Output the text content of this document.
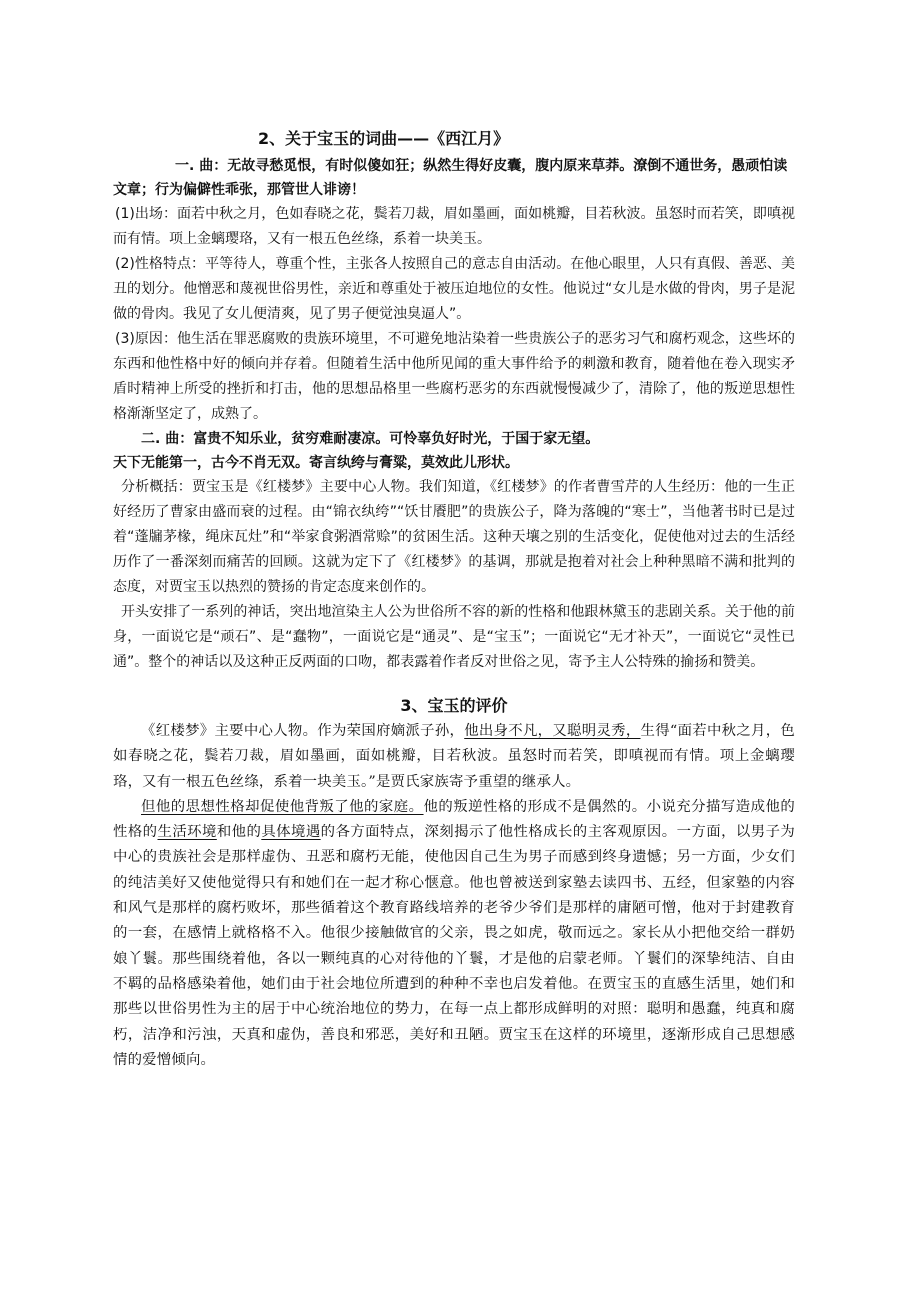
2、关于宝玉的词曲——《西江月》

一. 曲：无故寻愁觅恨，有时似傻如狂；纵然生得好皮囊，腹内原来草莽。潦倒不通世务，愚顽怕读文章；行为偏僻性乖张，那管世人诽谤！

(1)出场：面若中秋之月，色如春晓之花，鬓若刀裁，眉如墨画，面如桃瓣，目若秋波。虽怒时而若笑，即嗔视而有情。项上金螭璎珞，又有一根五色丝绦，系着一块美玉。

(2)性格特点：平等待人，尊重个性，主张各人按照自己的意志自由活动。在他心眼里，人只有真假、善恶、美丑的划分。他憎恶和蔑视世俗男性，亲近和尊重处于被压迫地位的女性。他说过“女儿是水做的骨肉，男子是泥做的骨肉。我见了女儿便清爽，见了男子便觉浊臭逼人”。

(3)原因：他生活在罪恶腐败的贵族环境里，不可避免地沾染着一些贵族公子的恶劣习气和腐朽观念，这些坏的东西和他性格中好的倾向并存着。但随着生活中他所见闻的重大事件给予的刺激和教育，随着他在卷入现实矛盾时精神上所受的挫折和打击，他的思想品格里一些腐朽恶劣的东西就慢慢减少了，清除了，他的叛逆思想性格渐渐坚定了，成熟了。

二. 曲：富贵不知乐业，贫穷难耐凄凉。可怜辜负好时光，于国于家无望。

天下无能第一，古今不肖无双。寄言纨绔与膏粱，莫效此儿形状。

分析概括：贾宝玉是《红楼梦》主要中心人物。我们知道，《红楼梦》的作者曹雪芹的人生经历：他的一生正好经历了曹家由盛而衰的过程。由“锦衣纨绔”“饫甘餍肥”的贵族公子，降为落魄的“寒士”，当他著书时已是过着“蓬牖茅椽，绳床瓦灶”和“举家食粥酒常赊”的贫困生活。这种天壤之别的生活变化，促使他对过去的生活经历作了一番深刻而痛苦的回顾。这就为定下了《红楼梦》的基调，那就是抱着对社会上种种黑暗不满和批判的态度，对贾宝玉以热烈的赞扬的肯定态度来创作的。

开头安排了一系列的神话，突出地渲染主人公为世俗所不容的新的性格和他跟林黛玉的悲剧关系。关于他的前身，一面说它是“顽石”、是“蠢物”，一面说它是“通灵”、是“宝玉”；一面说它“无才补天”，一面说它“灵性已通”。整个的神话以及这种正反两面的口吻，都表露着作者反对世俗之见，寄予主人公特殊的揄扬和赞美。

3、宝玉的评价

《红楼梦》主要中心人物。作为荣国府嫡派子孙，他出身不凡，又聪明灵秀，生得“面若中秋之月，色如春晓之花，鬓若刀裁，眉如墨画，面如桃瓣，目若秋波。虽怒时而若笑，即嗔视而有情。项上金螭璎珞，又有一根五色丝绦，系着一块美玉。”是贾氏家族寄予重望的继承人。

但他的思想性格却促使他背叛了他的家庭。他的叛逆性格的形成不是偶然的。小说充分描写造成他的性格的生活环境和他的具体境遇的各方面特点，深刻揭示了他性格成长的主客观原因。一方面，以男子为中心的贵族社会是那样虚伪、丑恶和腐朽无能，使他因自己生为男子而感到终身遗憾；另一方面，少女们的纯洁美好又使他觉得只有和她们在一起才称心惬意。他也曾被送到家塾去读四书、五经，但家塾的内容和风气是那样的腐朽败坏，那些循着这个教育路线培养的老爷少爷们是那样的庸陋可憎，他对于封建教育的一套，在感情上就格格不入。他很少接触做官的父亲，畏之如虎，敬而远之。家长从小把他交给一群奶娘丫鬟。那些围绕着他，各以一颗纯真的心对待他的丫鬟，才是他的启蒙老师。丫鬟们的深挚纯洁、自由不羁的品格感染着他，她们由于社会地位所遭到的种种不幸也启发着他。在贾宝玉的直感生活里，她们和那些以世俗男性为主的居于中心统治地位的势力，在每一点上都形成鲜明的对照：聪明和愚蠢，纯真和腐朽，洁净和污浊，天真和虚伪，善良和邪恶，美好和丑陋。贾宝玉在这样的环境里，逐渐形成自己思想感情的爱憎倾向。
